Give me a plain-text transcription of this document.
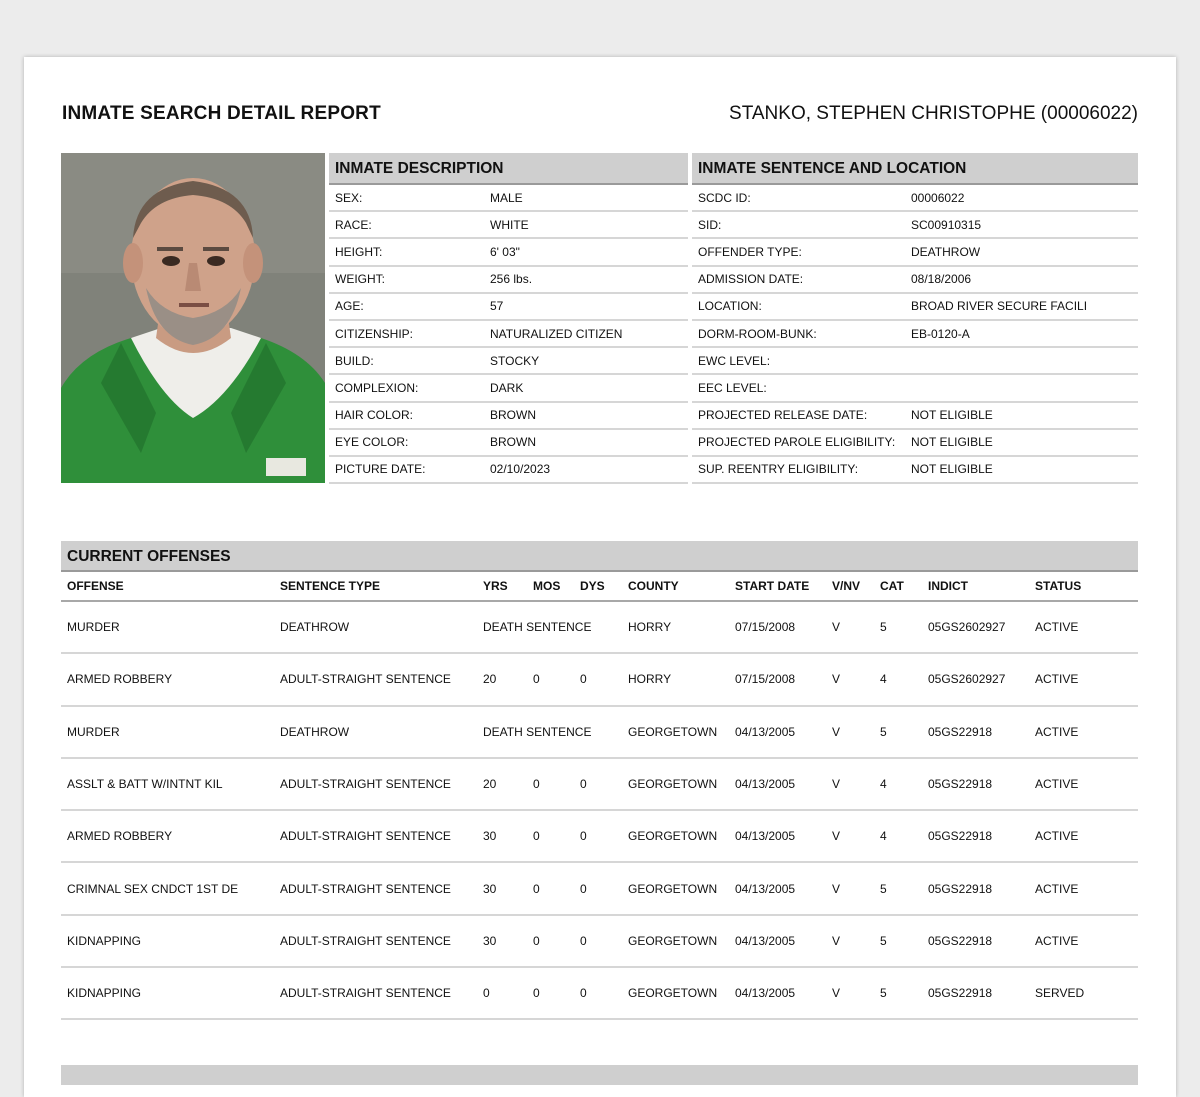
INMATE SEARCH DETAIL REPORT	STANKO, STEPHEN CHRISTOPHE (00006022)
INMATE DESCRIPTION
SEX:	MALE
RACE:	WHITE
HEIGHT:	6' 03"
WEIGHT:	256 lbs.
AGE:	57
CITIZENSHIP:	NATURALIZED CITIZEN
BUILD:	STOCKY
COMPLEXION:	DARK
HAIR COLOR:	BROWN
EYE COLOR:	BROWN
PICTURE DATE:	02/10/2023
INMATE SENTENCE AND LOCATION
SCDC ID:	00006022
SID:	SC00910315
OFFENDER TYPE:	DEATHROW
ADMISSION DATE:	08/18/2006
LOCATION:	BROAD RIVER SECURE FACILI
DORM-ROOM-BUNK:	EB-0120-A
EWC LEVEL:
EEC LEVEL:
PROJECTED RELEASE DATE:	NOT ELIGIBLE
PROJECTED PAROLE ELIGIBILITY:	NOT ELIGIBLE
SUP. REENTRY ELIGIBILITY:	NOT ELIGIBLE
CURRENT OFFENSES
OFFENSE	SENTENCE TYPE	YRS	MOS	DYS	COUNTY	START DATE	V/NV	CAT	INDICT	STATUS
MURDER	DEATHROW	DEATH SENTENCE			HORRY	07/15/2008	V	5	05GS2602927	ACTIVE
ARMED ROBBERY	ADULT-STRAIGHT SENTENCE	20	0	0	HORRY	07/15/2008	V	4	05GS2602927	ACTIVE
MURDER	DEATHROW	DEATH SENTENCE			GEORGETOWN	04/13/2005	V	5	05GS22918	ACTIVE
ASSLT & BATT W/INTNT KIL	ADULT-STRAIGHT SENTENCE	20	0	0	GEORGETOWN	04/13/2005	V	4	05GS22918	ACTIVE
ARMED ROBBERY	ADULT-STRAIGHT SENTENCE	30	0	0	GEORGETOWN	04/13/2005	V	4	05GS22918	ACTIVE
CRIMNAL SEX CNDCT 1ST DE	ADULT-STRAIGHT SENTENCE	30	0	0	GEORGETOWN	04/13/2005	V	5	05GS22918	ACTIVE
KIDNAPPING	ADULT-STRAIGHT SENTENCE	30	0	0	GEORGETOWN	04/13/2005	V	5	05GS22918	ACTIVE
KIDNAPPING	ADULT-STRAIGHT SENTENCE	0	0	0	GEORGETOWN	04/13/2005	V	5	05GS22918	SERVED
